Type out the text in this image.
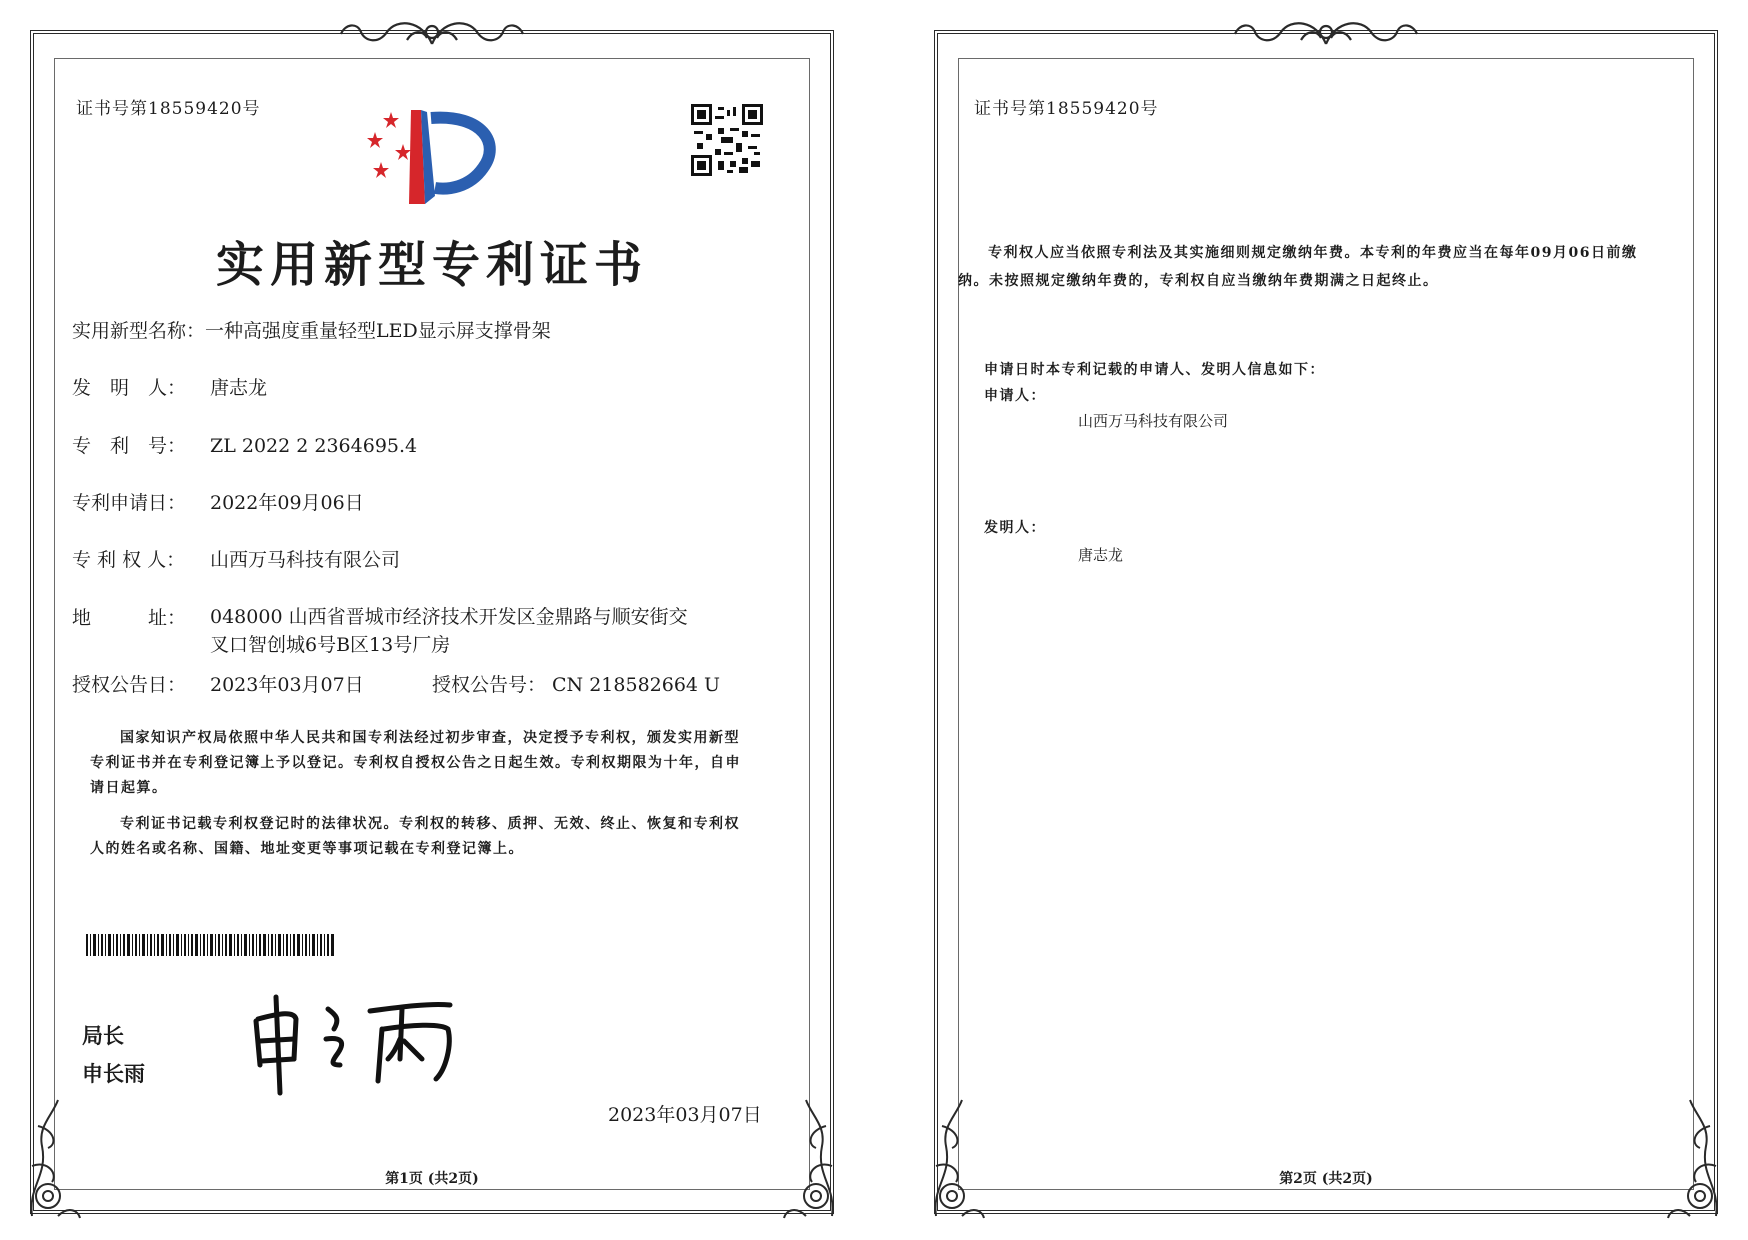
证书号第18559420号
实用新型专利证书
实用新型名称：一种高强度重量轻型LED显示屏支撑骨架
发　明　人： 唐志龙
专　利　号： ZL 2022 2 2364695.4
专利申请日： 2022年09月06日
专 利 权 人： 山西万马科技有限公司
地　　　址： 048000 山西省晋城市经济技术开发区金鼎路与顺安街交
叉口智创城6号B区13号厂房
授权公告日： 2023年03月07日	授权公告号： CN 218582664 U
国家知识产权局依照中华人民共和国专利法经过初步审查，决定授予专利权，颁发实用新型
专利证书并在专利登记簿上予以登记。专利权自授权公告之日起生效。专利权期限为十年，自申
请日起算。
专利证书记载专利权登记时的法律状况。专利权的转移、质押、无效、终止、恢复和专利权
人的姓名或名称、国籍、地址变更等事项记载在专利登记簿上。
局长
申长雨
2023年03月07日
第1页 (共2页)
证书号第18559420号
专利权人应当依照专利法及其实施细则规定缴纳年费。本专利的年费应当在每年09月06日前缴
纳。未按照规定缴纳年费的，专利权自应当缴纳年费期满之日起终止。
申请日时本专利记载的申请人、发明人信息如下：
申请人：
山西万马科技有限公司
发明人：
唐志龙
第2页 (共2页)
